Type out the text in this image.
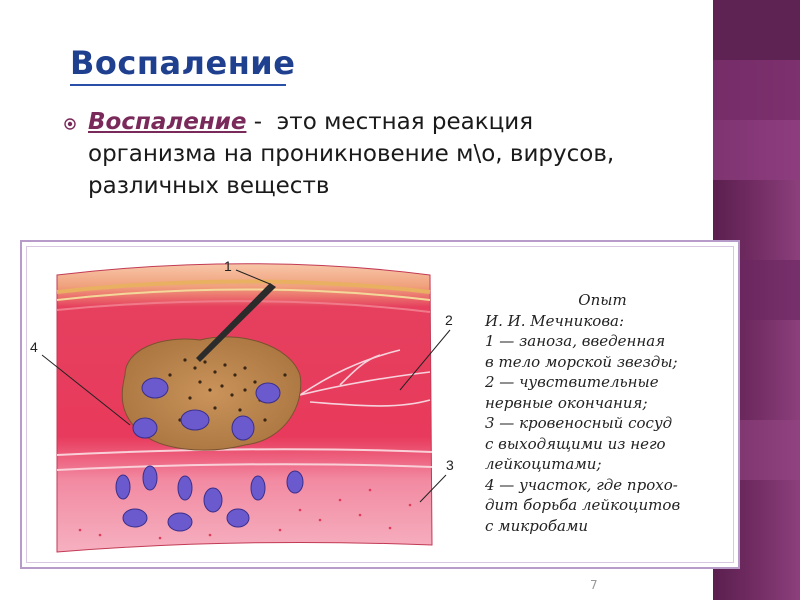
Воспаление
Воспаление -  это местная реакция
организма на проникновение м\о, вирусов,
различных веществ
1
2
3
4
Опыт
И. И. Мечникова:
1 — заноза, введенная
в тело морской звезды;
2 — чувствительные
нервные окончания;
3 — кровеносный сосуд
с выходящими из него
лейкоцитами;
4 — участок, где прохо-
дит борьба лейкоцитов
с микробами
7
